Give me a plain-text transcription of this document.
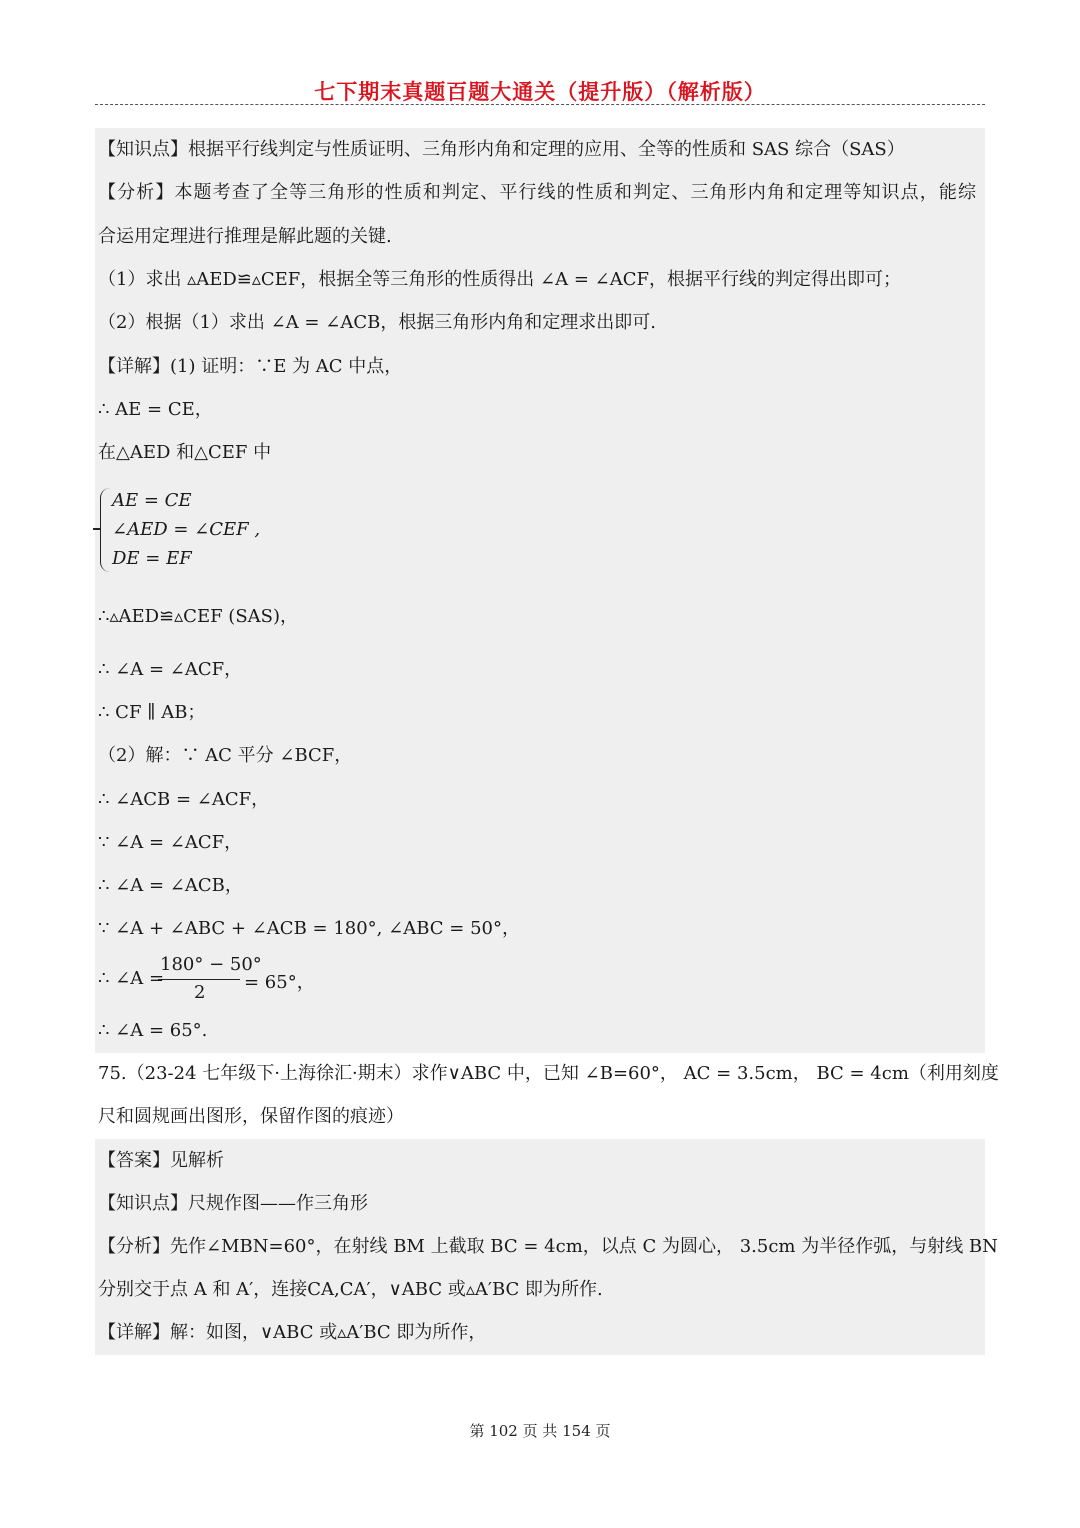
七下期末真题百题大通关（提升版）（解析版）
【知识点】根据平行线判定与性质证明、三角形内角和定理的应用、全等的性质和 SAS 综合（SAS）
【分析】本题考查了全等三角形的性质和判定、平行线的性质和判定、三角形内角和定理等知识点，能综
合运用定理进行推理是解此题的关键.
（1）求出 ▵AED≌▵CEF，根据全等三角形的性质得出 ∠A = ∠ACF，根据平行线的判定得出即可；
（2）根据（1）求出 ∠A = ∠ACB，根据三角形内角和定理求出即可.
【详解】(1) 证明：∵E 为 AC 中点，
∴ AE = CE，
在△AED 和△CEF 中
AE = CE
∠AED = ∠CEF ,
DE = EF
∴▵AED≌▵CEF (SAS)，
∴ ∠A = ∠ACF，
∴ CF ∥ AB；
（2）解：∵ AC 平分 ∠BCF，
∴ ∠ACB = ∠ACF，
∵ ∠A = ∠ACF，
∴ ∠A = ∠ACB，
∵ ∠A + ∠ABC + ∠ACB = 180°, ∠ABC = 50°，
∴ ∠A =
180° − 50°
2 = 65°，
∴ ∠A = 65°.
75.（23-24 七年级下·上海徐汇·期末）求作∨ABC 中，已知 ∠B=60°， AC = 3.5cm， BC = 4cm（利用刻度
尺和圆规画出图形，保留作图的痕迹）
【答案】见解析
【知识点】尺规作图——作三角形
【分析】先作∠MBN=60°，在射线 BM 上截取 BC = 4cm，以点 C 为圆心， 3.5cm 为半径作弧，与射线 BN
分别交于点 A 和 A′，连接CA,CA′，∨ABC 或▵A′BC 即为所作.
【详解】解：如图，∨ABC 或▵A′BC 即为所作，
第 102 页 共 154 页
